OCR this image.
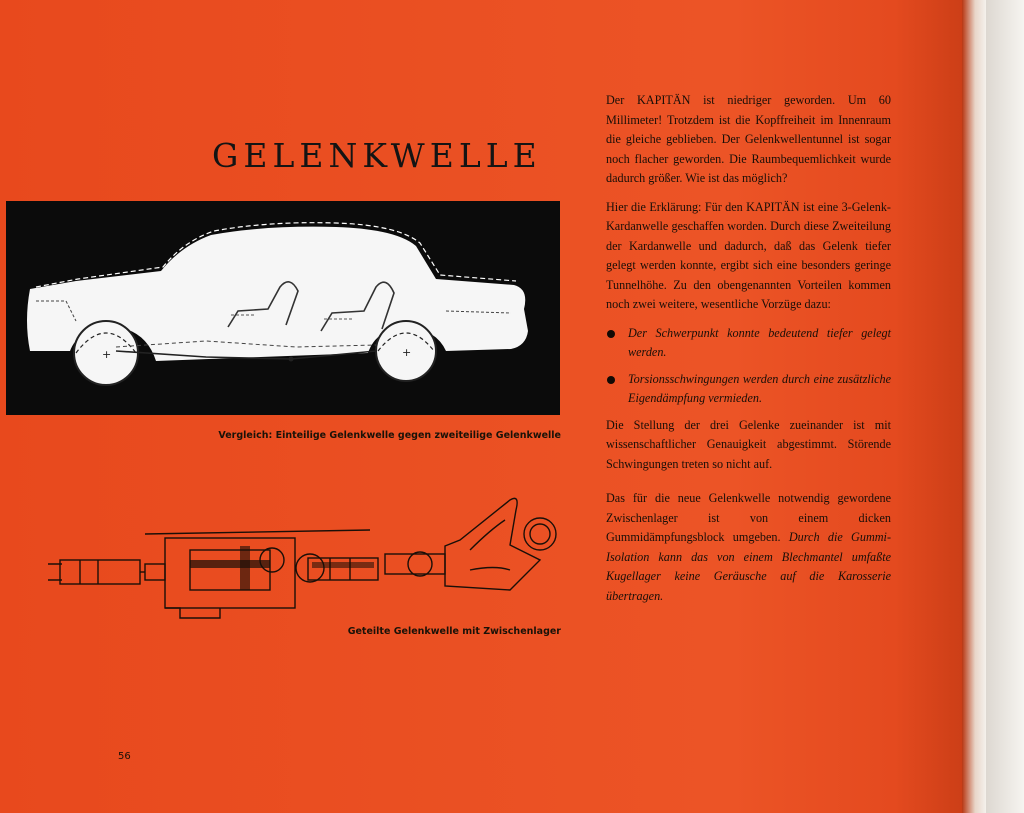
GELENKWELLE
+	+
Vergleich: Einteilige Gelenkwelle gegen zweiteilige Gelenkwelle
Geteilte Gelenkwelle mit Zwischenlager
56

Der KAPITÄN ist niedriger geworden. Um 60 Millimeter! Trotzdem ist die Kopffreiheit im Innenraum die gleiche geblieben. Der Gelenkwellentunnel ist sogar noch flacher geworden. Die Raumbequemlichkeit wurde dadurch größer. Wie ist das möglich?

Hier die Erklärung: Für den KAPITÄN ist eine 3-Gelenk-Kardanwelle geschaffen worden. Durch diese Zweiteilung der Kardanwelle und dadurch, daß das Gelenk tiefer gelegt werden konnte, ergibt sich eine besonders geringe Tunnelhöhe. Zu den obengenannten Vorteilen kommen noch zwei weitere, wesentliche Vorzüge dazu:

Der Schwerpunkt konnte bedeutend tiefer gelegt werden.
Torsionsschwingungen werden durch eine zusätzliche Eigendämpfung vermieden.

Die Stellung der drei Gelenke zueinander ist mit wissenschaftlicher Genauigkeit abgestimmt. Störende Schwingungen treten so nicht auf.

Das für die neue Gelenkwelle notwendig gewordene Zwischenlager ist von einem dicken Gummidämpfungsblock umgeben. Durch die Gummi-Isolation kann das von einem Blechmantel umfaßte Kugellager keine Geräusche auf die Karosserie übertragen.
